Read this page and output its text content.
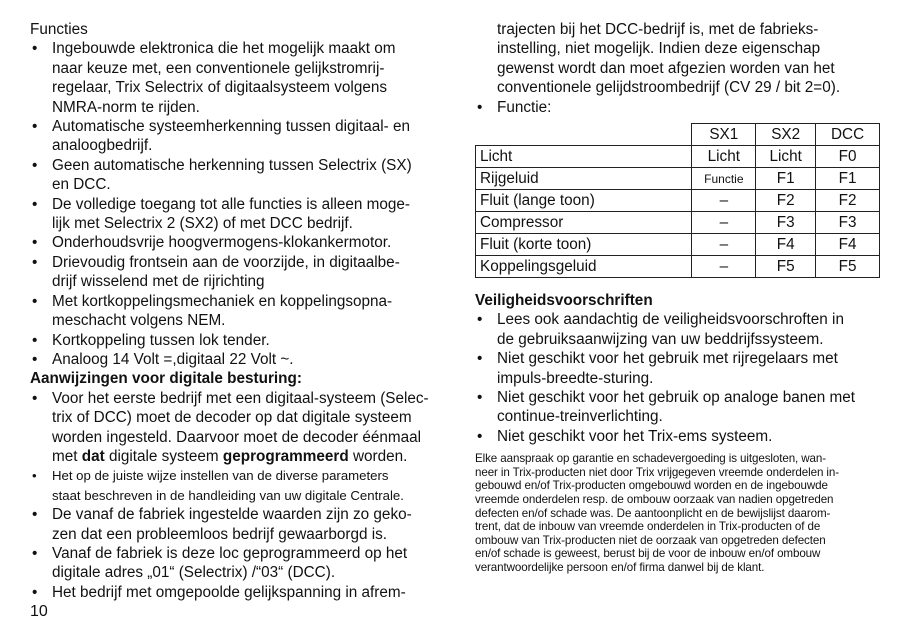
Functies
• Ingebouwde elektronica die het mogelijk maakt om
naar keuze met, een conventionele gelijkstromrij-
regelaar, Trix Selectrix of digitaalsysteem volgens
NMRA-norm te rijden.
• Automatische systeemherkenning tussen digitaal- en
analoogbedrijf.
• Geen automatische herkenning tussen Selectrix (SX)
en DCC.
• De volledige toegang tot alle functies is alleen moge-
lijk met Selectrix 2 (SX2) of met DCC bedrijf.
• Onderhoudsvrije hoogvermogens-klokankermotor.
• Drievoudig frontsein aan de voorzijde, in digitaalbe-
drijf wisselend met de rijrichting
• Met kortkoppelingsmechaniek en koppelingsopna-
meschacht volgens NEM.
• Kortkoppeling tussen lok tender.
• Analoog 14 Volt =,digitaal 22 Volt ~.
Aanwijzingen voor digitale besturing:
• Voor het eerste bedrijf met een digitaal-systeem (Selec-
trix of DCC) moet de decoder op dat digitale systeem
worden ingesteld. Daarvoor moet de decoder éénmaal
met dat digitale systeem geprogrammeerd worden.
• Het op de juiste wijze instellen van de diverse parameters
staat beschreven in de handleiding van uw digitale Centrale.
• De vanaf de fabriek ingestelde waarden zijn zo geko-
zen dat een probleemloos bedrijf gewaarborgd is.
• Vanaf de fabriek is deze loc geprogrammeerd op het
digitale adres „01“ (Selectrix) /“03“ (DCC).
• Het bedrijf met omgepoolde gelijkspanning in afrem-
10
trajecten bij het DCC-bedrijf is, met de fabrieks-
instelling, niet mogelijk. Indien deze eigenschap
gewenst wordt dan moet afgezien worden van het
conventionele gelijdstroombedrijf (CV 29 / bit 2=0).
• Functie:
	SX1	SX2	DCC
Licht	Licht	Licht	F0
Rijgeluid	Functie	F1	F1
Fluit (lange toon)	–	F2	F2
Compressor	–	F3	F3
Fluit (korte toon)	–	F4	F4
Koppelingsgeluid	–	F5	F5
Veiligheidsvoorschriften
• Lees ook aandachtig de veiligheidsvoorschroften in
de gebruiksaanwijzing van uw beddrijfssysteem.
• Niet geschikt voor het gebruik met rijregelaars met
impuls-breedte-sturing.
• Niet geschikt voor het gebruik op analoge banen met
continue-treinverlichting.
• Niet geschikt voor het Trix-ems systeem.
Elke aanspraak op garantie en schadevergoeding is uitgesloten, wan-
neer in Trix-producten niet door Trix vrijgegeven vreemde onderdelen in-
gebouwd en/of Trix-producten omgebouwd worden en de ingebouwde
vreemde onderdelen resp. de ombouw oorzaak van nadien opgetreden
defecten en/of schade was. De aantoonplicht en de bewijslijst daarom-
trent, dat de inbouw van vreemde onderdelen in Trix-producten of de
ombouw van Trix-producten niet de oorzaak van opgetreden defecten
en/of schade is geweest, berust bij de voor de inbouw en/of ombouw
verantwoordelijke persoon en/of firma danwel bij de klant.
